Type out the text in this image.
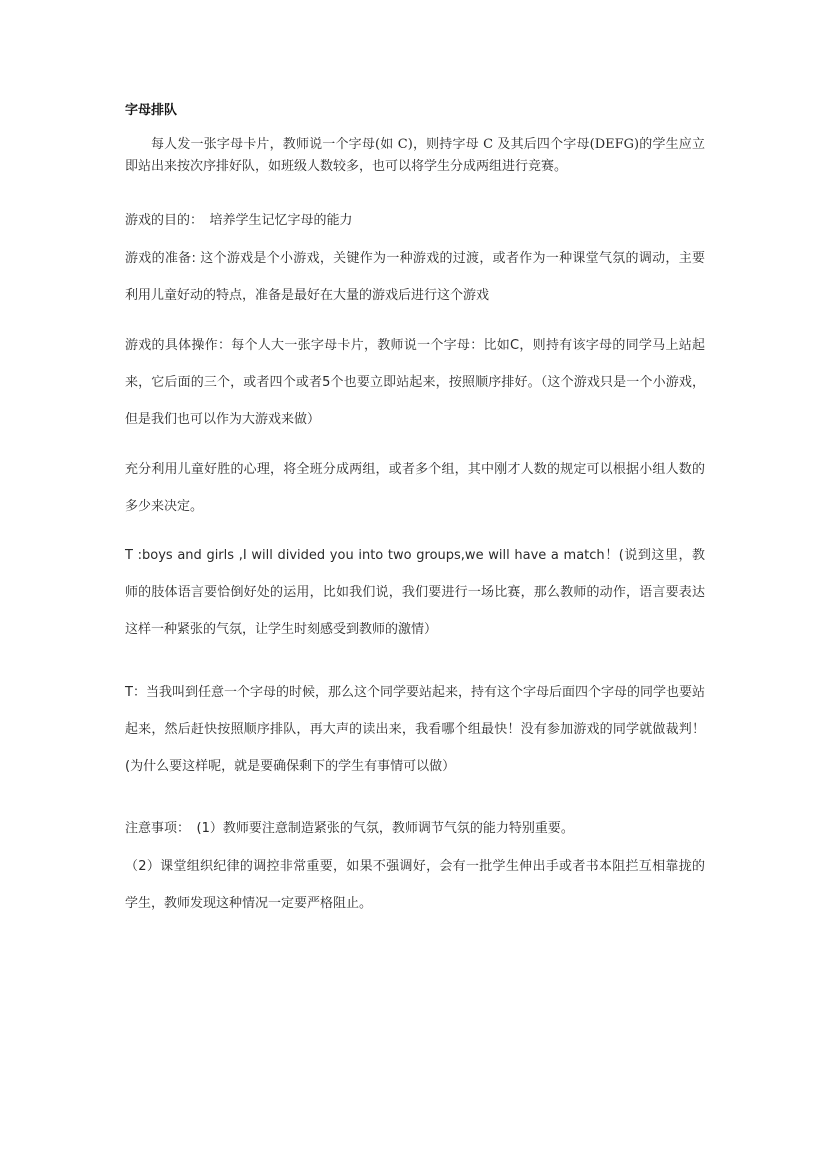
字母排队

每人发一张字母卡片，教师说一个字母(如 C)，则持字母 C 及其后四个字母(DEFG)的学生应立即站出来按次序排好队，如班级人数较多，也可以将学生分成两组进行竞赛。

游戏的目的：　培养学生记忆字母的能力

游戏的准备: 这个游戏是个小游戏，关键作为一种游戏的过渡，或者作为一种课堂气氛的调动，主要利用儿童好动的特点，准备是最好在大量的游戏后进行这个游戏

游戏的具体操作：每个人大一张字母卡片，教师说一个字母：比如C，则持有该字母的同学马上站起来，它后面的三个，或者四个或者5个也要立即站起来，按照顺序排好。（这个游戏只是一个小游戏，但是我们也可以作为大游戏来做）

充分利用儿童好胜的心理，将全班分成两组，或者多个组，其中刚才人数的规定可以根据小组人数的多少来决定。

T :boys and girls ,I will divided you into two groups,we will have a match！(说到这里，教师的肢体语言要恰倒好处的运用，比如我们说，我们要进行一场比赛，那么教师的动作，语言要表达这样一种紧张的气氛，让学生时刻感受到教师的激情）

T：当我叫到任意一个字母的时候，那么这个同学要站起来，持有这个字母后面四个字母的同学也要站起来，然后赶快按照顺序排队，再大声的读出来，我看哪个组最快！没有参加游戏的同学就做裁判！　(为什么要这样呢，就是要确保剩下的学生有事情可以做）

注意事项：　(1）教师要注意制造紧张的气氛，教师调节气氛的能力特别重要。

（2）课堂组织纪律的调控非常重要，如果不强调好，会有一批学生伸出手或者书本阻拦互相靠拢的学生，教师发现这种情况一定要严格阻止。
